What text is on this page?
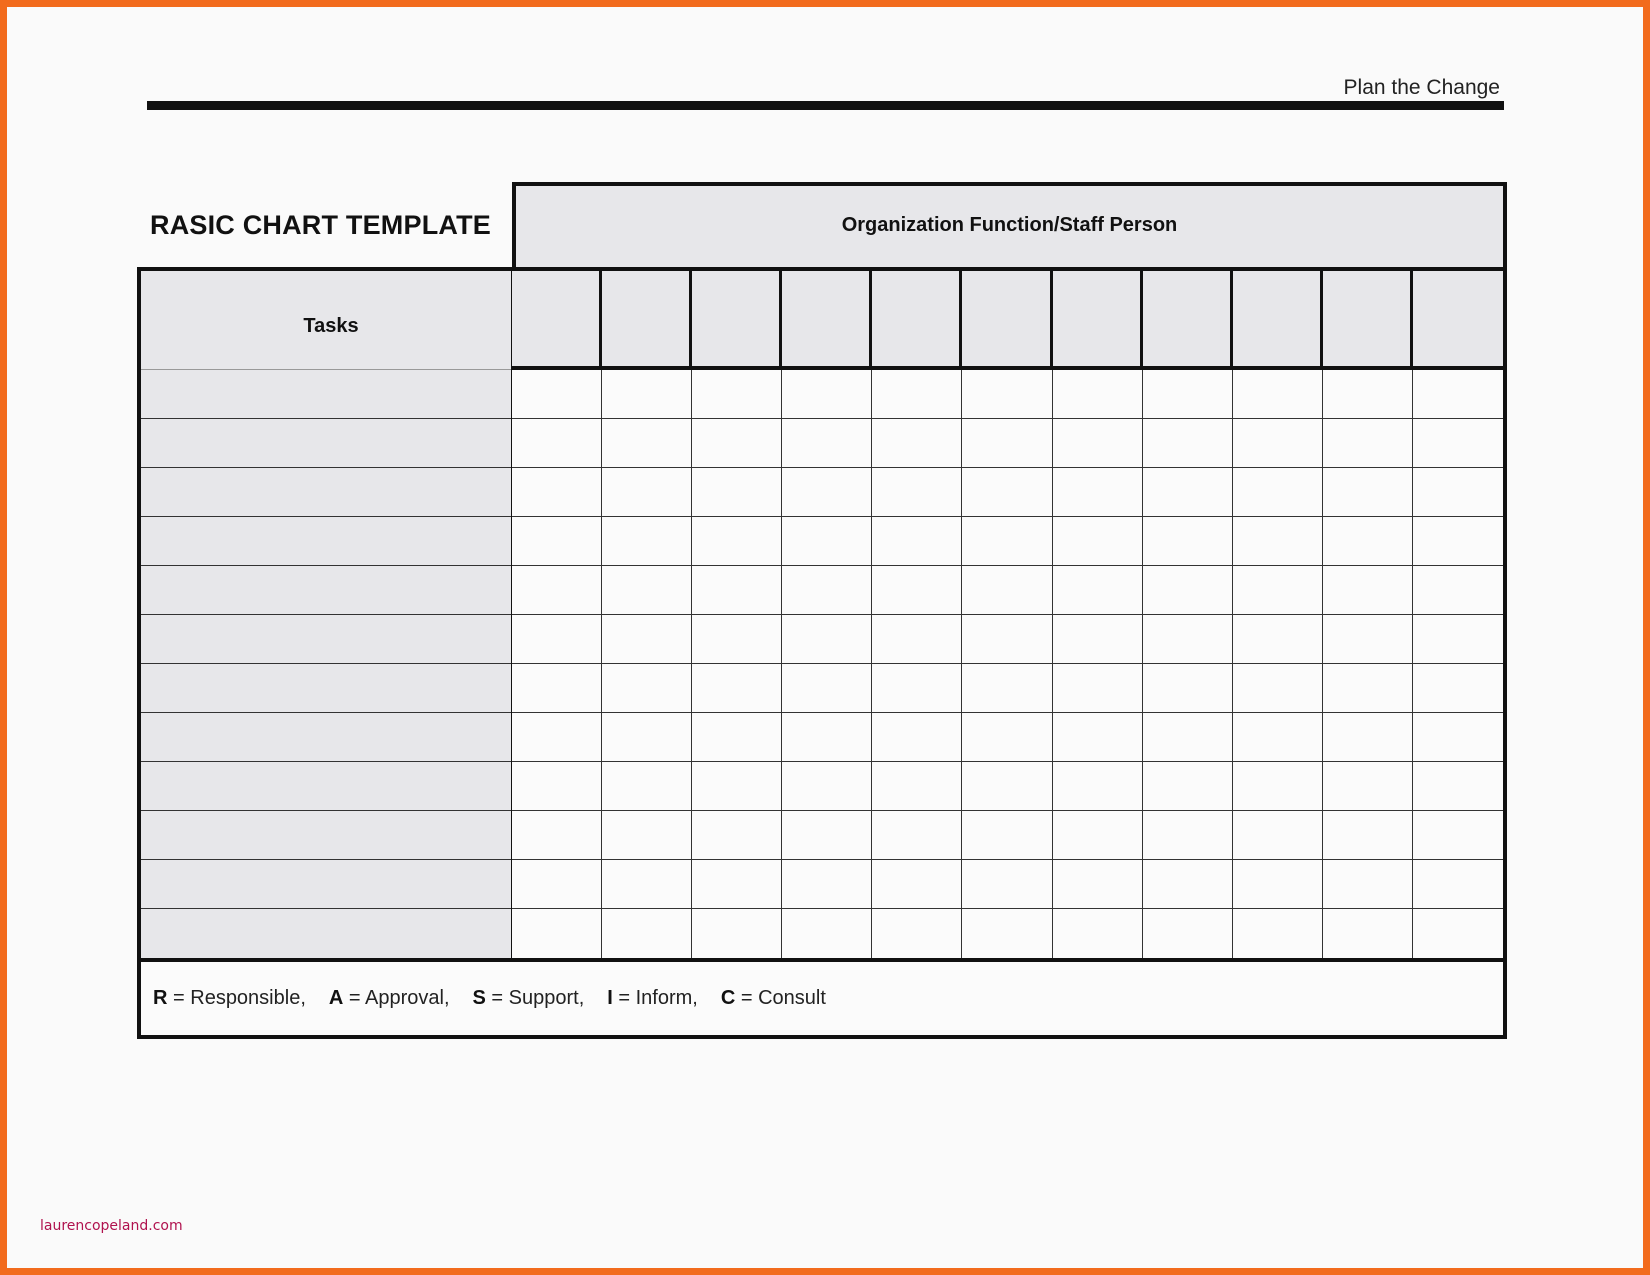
Plan the Change
RASIC CHART TEMPLATE	Organization Function/Staff Person
Tasks
R = Responsible, A = Approval, S = Support, I = Inform, C = Consult
laurencopeland.com
